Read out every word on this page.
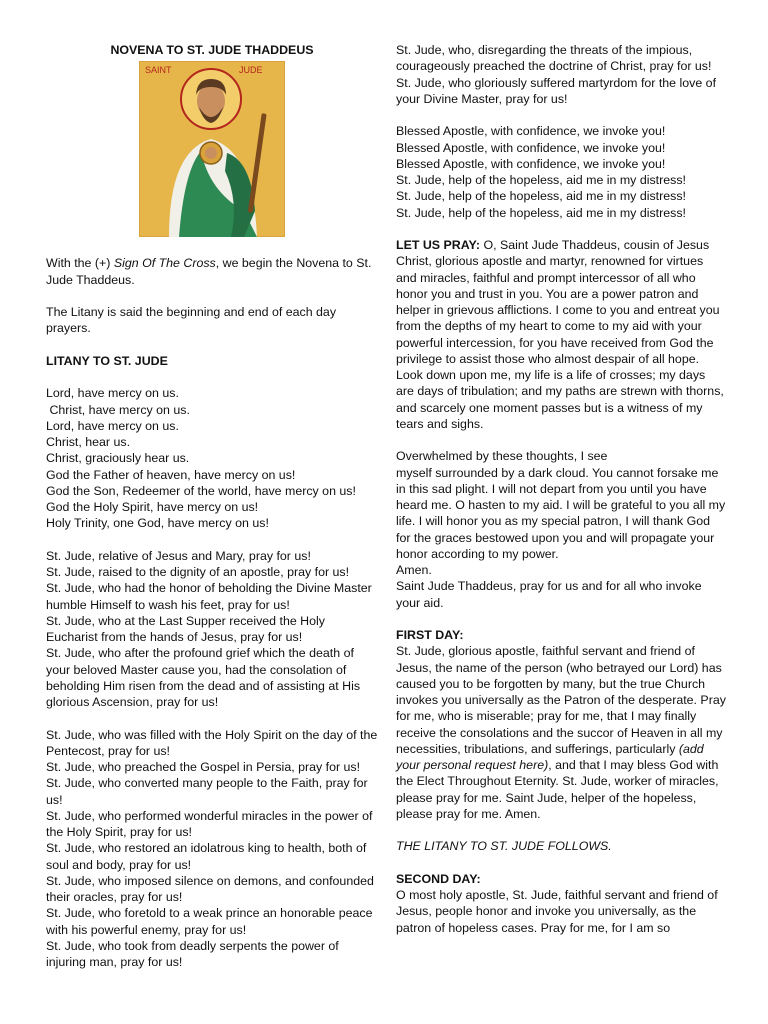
NOVENA TO ST. JUDE THADDEUS
SAINT	JUDE

With the (+) Sign Of The Cross, we begin the Novena to St. Jude Thaddeus.

The Litany is said the beginning and end of each day prayers.

LITANY TO ST. JUDE

Lord, have mercy on us.
Christ, have mercy on us.
Lord, have mercy on us.
Christ, hear us.
Christ, graciously hear us.
God the Father of heaven, have mercy on us!
God the Son, Redeemer of the world, have mercy on us!
God the Holy Spirit, have mercy on us!
Holy Trinity, one God, have mercy on us!

St. Jude, relative of Jesus and Mary, pray for us!
St. Jude, raised to the dignity of an apostle, pray for us!
St. Jude, who had the honor of beholding the Divine Master humble Himself to wash his feet, pray for us!
St. Jude, who at the Last Supper received the Holy Eucharist from the hands of Jesus, pray for us!
St. Jude, who after the profound grief which the death of your beloved Master cause you, had the consolation of beholding Him risen from the dead and of assisting at His glorious Ascension, pray for us!

St. Jude, who was filled with the Holy Spirit on the day of the Pentecost, pray for us!
St. Jude, who preached the Gospel in Persia, pray for us!
St. Jude, who converted many people to the Faith, pray for us!
St. Jude, who performed wonderful miracles in the power of the Holy Spirit, pray for us!
St. Jude, who restored an idolatrous king to health, both of soul and body, pray for us!
St. Jude, who imposed silence on demons, and confounded their oracles, pray for us!
St. Jude, who foretold to a weak prince an honorable peace with his powerful enemy, pray for us!
St. Jude, who took from deadly serpents the power of injuring man, pray for us!

St. Jude, who, disregarding the threats of the impious, courageously preached the doctrine of Christ, pray for us!
St. Jude, who gloriously suffered martyrdom for the love of your Divine Master, pray for us!

Blessed Apostle, with confidence, we invoke you!
Blessed Apostle, with confidence, we invoke you!
Blessed Apostle, with confidence, we invoke you!
St. Jude, help of the hopeless, aid me in my distress!
St. Jude, help of the hopeless, aid me in my distress!
St. Jude, help of the hopeless, aid me in my distress!

LET US PRAY: O, Saint Jude Thaddeus, cousin of Jesus Christ, glorious apostle and martyr, renowned for virtues and miracles, faithful and prompt intercessor of all who honor you and trust in you. You are a power patron and helper in grievous afflictions. I come to you and entreat you from the depths of my heart to come to my aid with your powerful intercession, for you have received from God the privilege to assist those who almost despair of all hope. Look down upon me, my life is a life of crosses; my days are days of tribulation; and my paths are strewn with thorns, and scarcely one moment passes but is a witness of my tears and sighs.

Overwhelmed by these thoughts, I see
myself surrounded by a dark cloud. You cannot forsake me in this sad plight. I will not depart from you until you have heard me. O hasten to my aid. I will be grateful to you all my life. I will honor you as my special patron, I will thank God for the graces bestowed upon you and will propagate your honor according to my power.
Amen.
Saint Jude Thaddeus, pray for us and for all who invoke your aid.

FIRST DAY:
St. Jude, glorious apostle, faithful servant and friend of Jesus, the name of the person (who betrayed our Lord) has caused you to be forgotten by many, but the true Church invokes you universally as the Patron of the desperate. Pray for me, who is miserable; pray for me, that I may finally receive the consolations and the succor of Heaven in all my necessities, tribulations, and sufferings, particularly (add your personal request here), and that I may bless God with the Elect Throughout Eternity. St. Jude, worker of miracles, please pray for me. Saint Jude, helper of the hopeless, please pray for me. Amen.

THE LITANY TO ST. JUDE FOLLOWS.

SECOND DAY:
O most holy apostle, St. Jude, faithful servant and friend of Jesus, people honor and invoke you universally, as the patron of hopeless cases. Pray for me, for I am so
